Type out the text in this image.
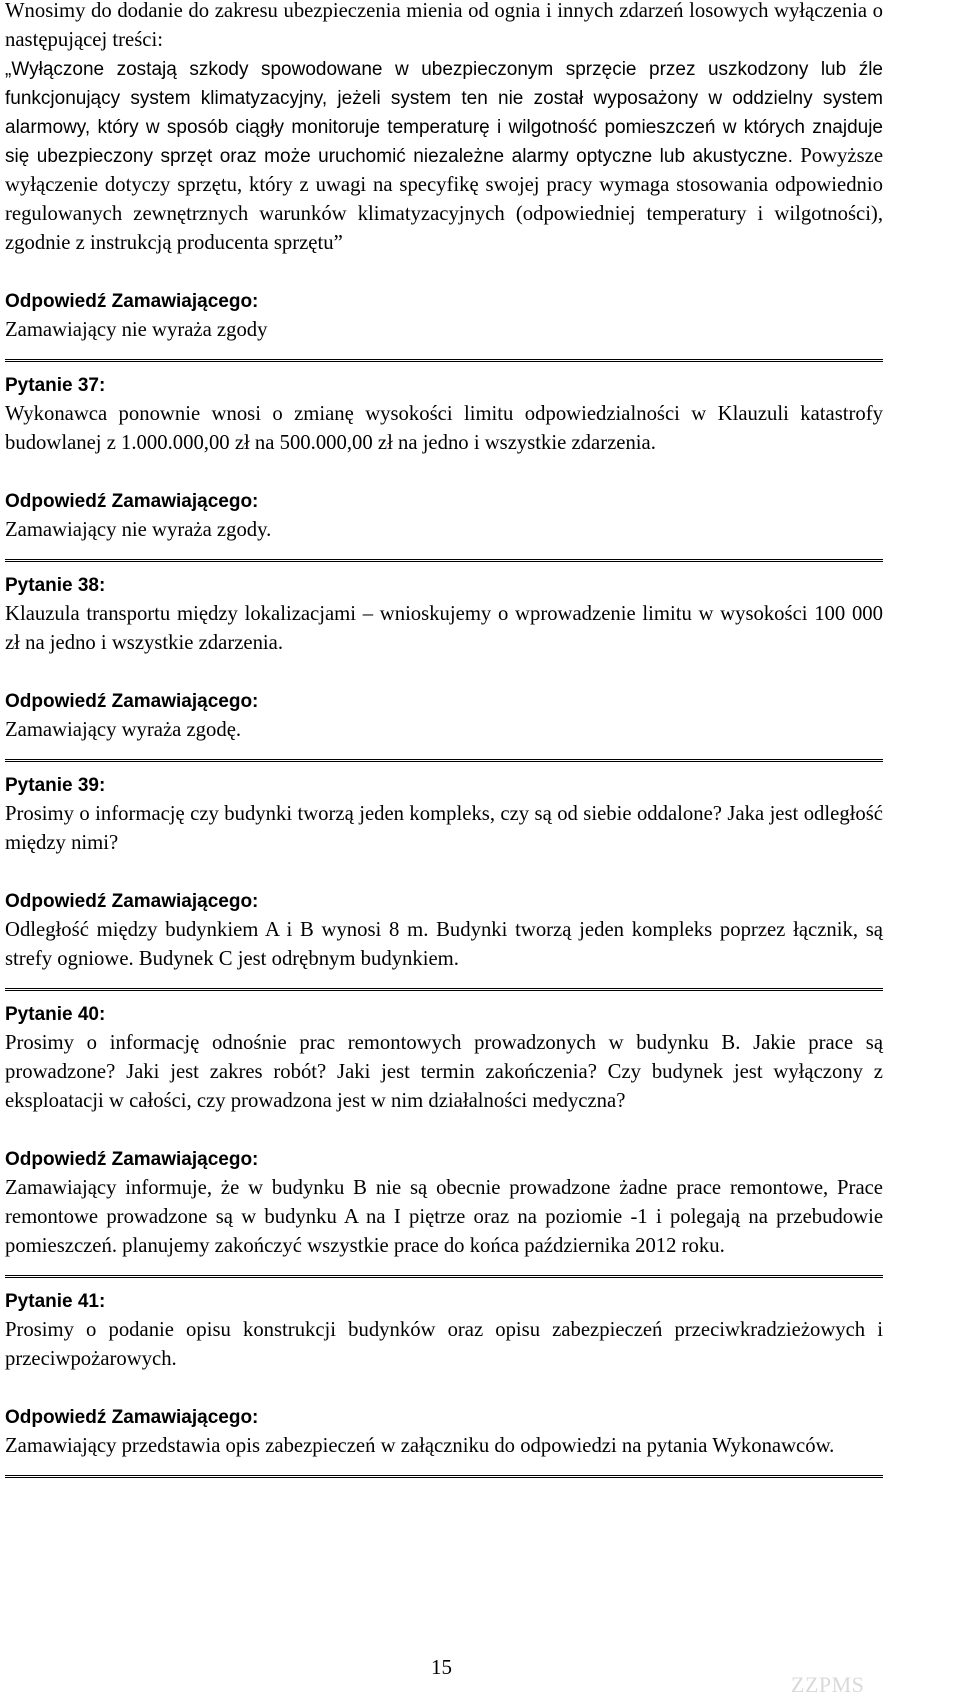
Wnosimy do dodanie do zakresu ubezpieczenia mienia od ognia i innych zdarzeń losowych wyłączenia o następującej treści:

„Wyłączone zostają szkody spowodowane w ubezpieczonym sprzęcie przez uszkodzony lub źle funkcjonujący system klimatyzacyjny, jeżeli system ten nie został wyposażony w oddzielny system alarmowy, który w sposób ciągły monitoruje temperaturę i wilgotność pomieszczeń w których znajduje się ubezpieczony sprzęt oraz może uruchomić niezależne alarmy optyczne lub akustyczne. Powyższe wyłączenie dotyczy sprzętu, który z uwagi na specyfikę swojej pracy wymaga stosowania odpowiednio regulowanych zewnętrznych warunków klimatyzacyjnych (odpowiedniej temperatury i wilgotności), zgodnie z instrukcją producenta sprzętu”

Odpowiedź Zamawiającego:

Zamawiający nie wyraża zgody

Pytanie 37:

Wykonawca ponownie wnosi o zmianę wysokości limitu odpowiedzialności w Klauzuli katastrofy budowlanej z 1.000.000,00 zł na 500.000,00 zł na jedno i wszystkie zdarzenia.

Odpowiedź Zamawiającego:

Zamawiający nie wyraża zgody.

Pytanie 38:

Klauzula transportu między lokalizacjami – wnioskujemy o wprowadzenie limitu w wysokości 100 000 zł na jedno i wszystkie zdarzenia.

Odpowiedź Zamawiającego:

Zamawiający wyraża zgodę.

Pytanie 39:

Prosimy o informację czy budynki tworzą jeden kompleks, czy są od siebie oddalone? Jaka jest odległość między nimi?

Odpowiedź Zamawiającego:

Odległość między budynkiem A i B wynosi 8 m. Budynki tworzą jeden kompleks poprzez łącznik, są strefy ogniowe. Budynek C jest odrębnym budynkiem.

Pytanie 40:

Prosimy o informację odnośnie prac remontowych prowadzonych w budynku B. Jakie prace są prowadzone? Jaki jest zakres robót? Jaki jest termin zakończenia? Czy budynek jest wyłączony z eksploatacji w całości, czy prowadzona jest w nim działalności medyczna?

Odpowiedź Zamawiającego:

Zamawiający informuje, że w budynku B nie są obecnie prowadzone żadne prace remontowe, Prace remontowe prowadzone są w budynku A na I piętrze oraz na poziomie -1 i polegają na przebudowie pomieszczeń. planujemy zakończyć wszystkie prace do końca października 2012 roku.

Pytanie 41:

Prosimy o podanie opisu konstrukcji budynków oraz opisu zabezpieczeń przeciwkradzieżowych i przeciwpożarowych.

Odpowiedź Zamawiającego:

Zamawiający przedstawia opis zabezpieczeń w załączniku do odpowiedzi na pytania Wykonawców.

15
ZZPMS
